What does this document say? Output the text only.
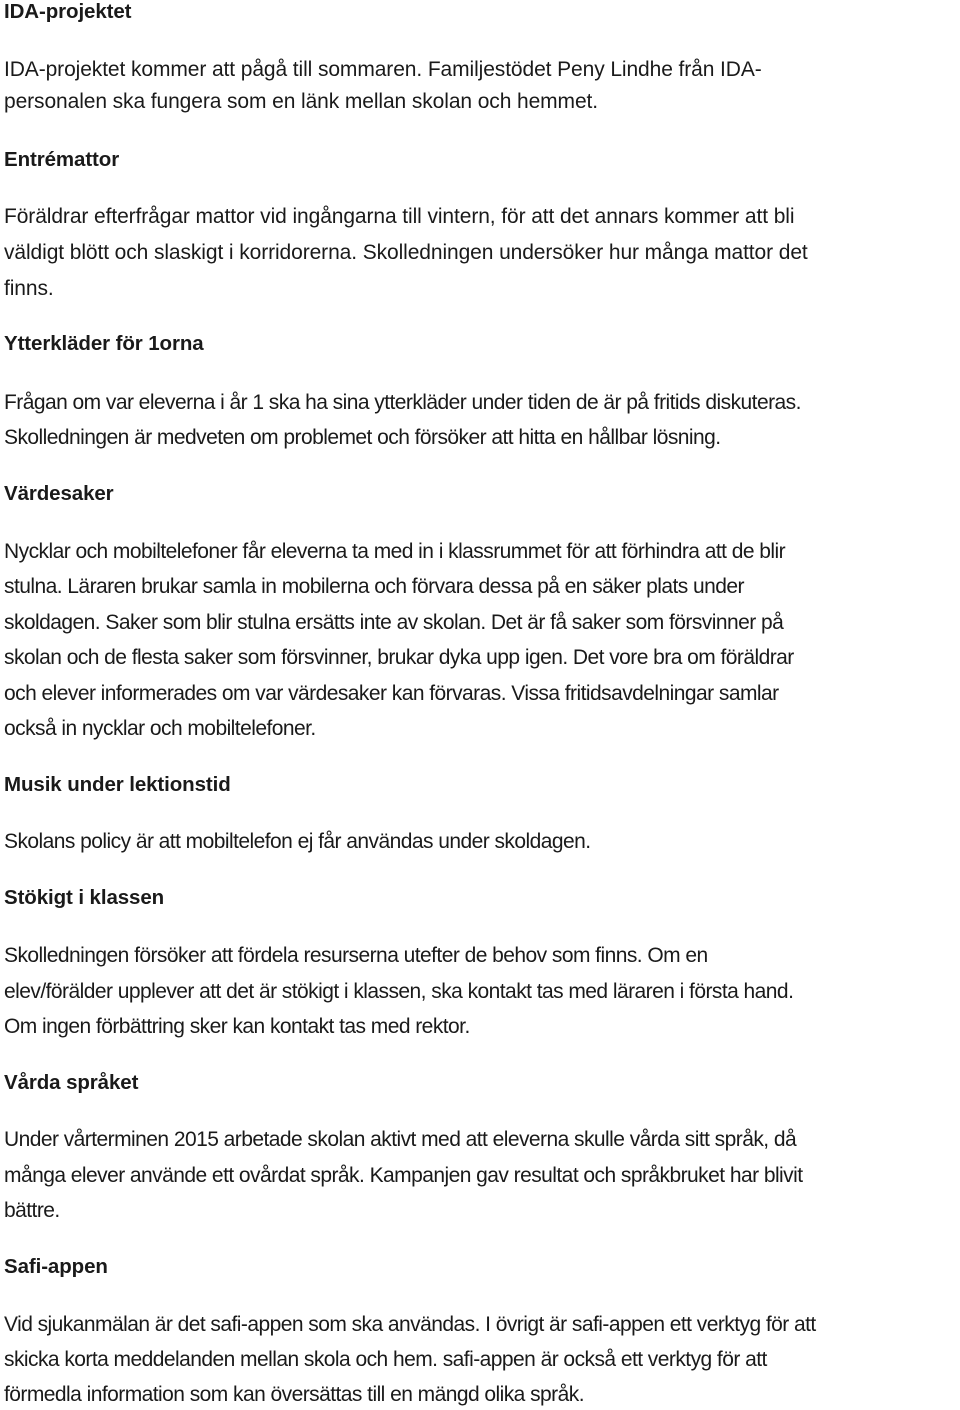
IDA-projektet
IDA-projektet kommer att pågå till sommaren. Familjestödet Peny Lindhe från IDA-
personalen ska fungera som en länk mellan skolan och hemmet.
Entrémattor
Föräldrar efterfrågar mattor vid ingångarna till vintern, för att det annars kommer att bli
väldigt blött och slaskigt i korridorerna. Skolledningen undersöker hur många mattor det
finns.
Ytterkläder för 1orna
Frågan om var eleverna i år 1 ska ha sina ytterkläder under tiden de är på fritids diskuteras.
Skolledningen är medveten om problemet och försöker att hitta en hållbar lösning.
Värdesaker
Nycklar och mobiltelefoner får eleverna ta med in i klassrummet för att förhindra att de blir
stulna. Läraren brukar samla in mobilerna och förvara dessa på en säker plats under
skoldagen. Saker som blir stulna ersätts inte av skolan. Det är få saker som försvinner på
skolan och de flesta saker som försvinner, brukar dyka upp igen. Det vore bra om föräldrar
och elever informerades om var värdesaker kan förvaras. Vissa fritidsavdelningar samlar
också in nycklar och mobiltelefoner.
Musik under lektionstid
Skolans policy är att mobiltelefon ej får användas under skoldagen.
Stökigt i klassen
Skolledningen försöker att fördela resurserna utefter de behov som finns. Om en
elev/förälder upplever att det är stökigt i klassen, ska kontakt tas med läraren i första hand.
Om ingen förbättring sker kan kontakt tas med rektor.
Vårda språket
Under vårterminen 2015 arbetade skolan aktivt med att eleverna skulle vårda sitt språk, då
många elever använde ett ovårdat språk. Kampanjen gav resultat och språkbruket har blivit
bättre.
Safi-appen
Vid sjukanmälan är det safi-appen som ska användas. I övrigt är safi-appen ett verktyg för att
skicka korta meddelanden mellan skola och hem. safi-appen är också ett verktyg för att
förmedla information som kan översättas till en mängd olika språk.
